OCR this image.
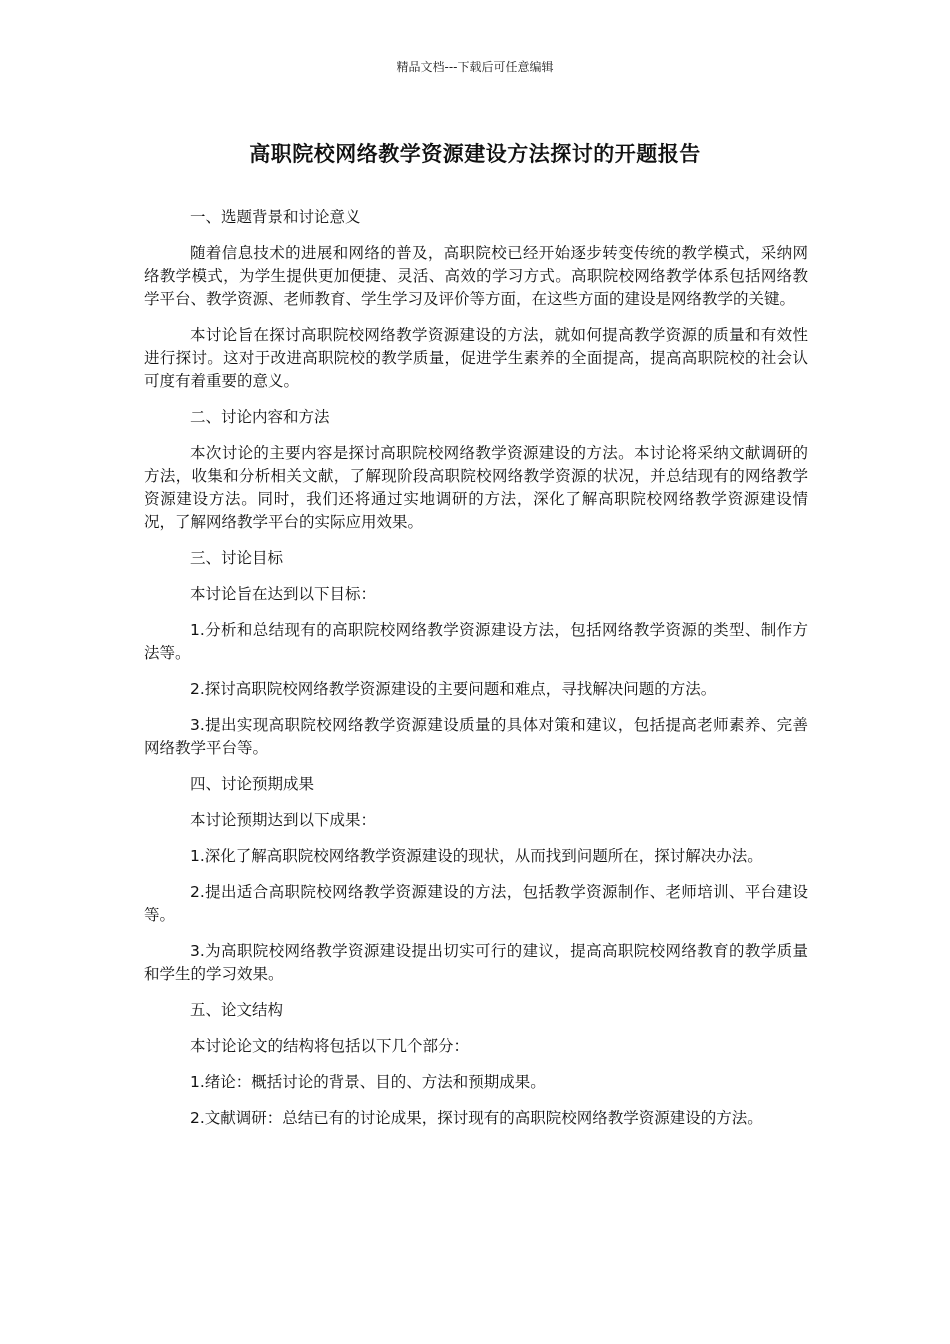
精品文档---下载后可任意编辑
高职院校网络教学资源建设方法探讨的开题报告
一、选题背景和讨论意义
随着信息技术的进展和网络的普及，高职院校已经开始逐步转变传统的教学模式，采纳网络教学模式，为学生提供更加便捷、灵活、高效的学习方式。高职院校网络教学体系包括网络教学平台、教学资源、老师教育、学生学习及评价等方面，在这些方面的建设是网络教学的关键。
本讨论旨在探讨高职院校网络教学资源建设的方法，就如何提高教学资源的质量和有效性进行探讨。这对于改进高职院校的教学质量，促进学生素养的全面提高，提高高职院校的社会认可度有着重要的意义。
二、讨论内容和方法
本次讨论的主要内容是探讨高职院校网络教学资源建设的方法。本讨论将采纳文献调研的方法，收集和分析相关文献，了解现阶段高职院校网络教学资源的状况，并总结现有的网络教学资源建设方法。同时，我们还将通过实地调研的方法，深化了解高职院校网络教学资源建设情况，了解网络教学平台的实际应用效果。
三、讨论目标
本讨论旨在达到以下目标：
1.分析和总结现有的高职院校网络教学资源建设方法，包括网络教学资源的类型、制作方法等。
2.探讨高职院校网络教学资源建设的主要问题和难点，寻找解决问题的方法。
3.提出实现高职院校网络教学资源建设质量的具体对策和建议，包括提高老师素养、完善网络教学平台等。
四、讨论预期成果
本讨论预期达到以下成果：
1.深化了解高职院校网络教学资源建设的现状，从而找到问题所在，探讨解决办法。
2.提出适合高职院校网络教学资源建设的方法，包括教学资源制作、老师培训、平台建设等。
3.为高职院校网络教学资源建设提出切实可行的建议，提高高职院校网络教育的教学质量和学生的学习效果。
五、论文结构
本讨论论文的结构将包括以下几个部分：
1.绪论：概括讨论的背景、目的、方法和预期成果。
2.文献调研：总结已有的讨论成果，探讨现有的高职院校网络教学资源建设的方法。
